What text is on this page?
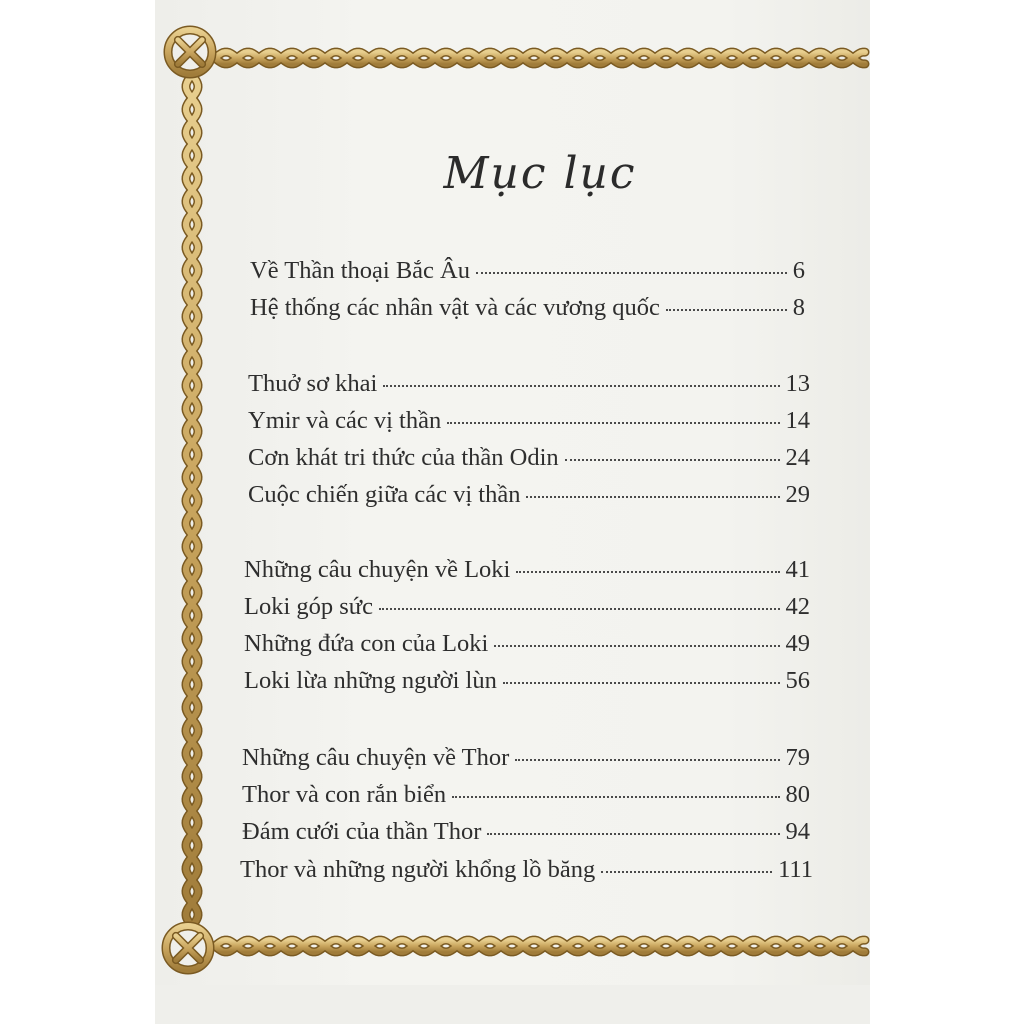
Mục lục
Về Thần thoại Bắc Âu	6
Hệ thống các nhân vật và các vương quốc	8
Thuở sơ khai	13
Ymir và các vị thần	14
Cơn khát tri thức của thần Odin	24
Cuộc chiến giữa các vị thần	29
Những câu chuyện về Loki	41
Loki góp sức	42
Những đứa con của Loki	49
Loki lừa những người lùn	56
Những câu chuyện về Thor	79
Thor và con rắn biển	80
Đám cưới của thần Thor	94
Thor và những người khổng lồ băng	111
